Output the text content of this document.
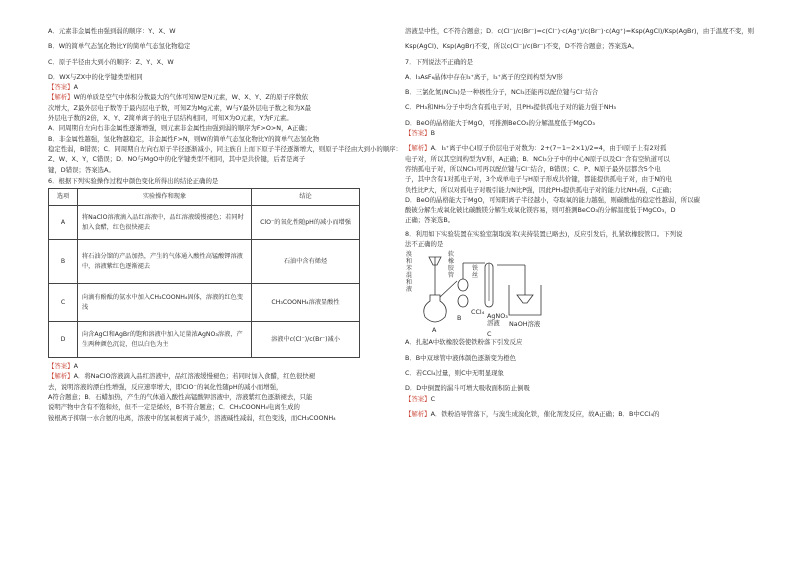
A．元素非金属性由强到弱的顺序：Y、X、W
B．W的简单气态氢化物比Y的简单气态氢化物稳定
C．原子半径由大到小的顺序：Z、Y、X、W
D．WX与ZX中的化学键类型相同
【答案】A
【解析】W的单质是空气中体积分数最大的气体可知W是N元素，W、X、Y、Z的原子序数依
次增大，Z最外层电子数等于最内层电子数，可知Z为Mg元素，W与Y最外层电子数之和为X最
外层电子数的2倍，X、Y、Z简单离子的电子层结构相同，可知X为O元素，Y为F元素。
A．同周期自左向右非金属性逐渐增强，则元素非金属性由强到弱的顺序为F>O>N，A正确；
B．非金属性越强，氢化物越稳定，非金属性F>N，则W的简单气态氢化物比Y的简单气态氢化物
稳定性弱，B错误；C．同周期自左向右原子半径逐渐减小，同主族自上而下原子半径逐渐增大，则原子半径由大到小的顺序：
Z、W、X、Y，C错误；D．NO与MgO中的化学键类型不相同，其中是共价键，后者是离子
键，D错误；答案选A。
6．根据下列实验操作过程中颜色变化所得出的结论正确的是
选项	实验操作和现象	结论
A	将NaClO溶液滴入品红溶液中，品红溶液缓慢褪色；若同时加入食醋，红色很快褪去	ClO⁻的氧化性随pH的减小而增强
B	将石油分馏的产品加热，产生的气体通入酸性高锰酸钾溶液中，溶液紫红色逐渐褪去	石油中含有烯烃
C	向滴有酚酞的氨水中加入CH₃COONH₄固体，溶液的红色变浅	CH₃COONH₄溶液显酸性
D	向含AgCl和AgBr的饱和溶液中加入足量浓AgNO₃溶液，产生两种颜色沉淀，但以白色为主	溶液中c(Cl⁻)/c(Br⁻)减小
【答案】A
【解析】A．将NaClO溶液滴入品红溶液中，品红溶液缓慢褪色；若同时加入食醋，红色很快褪
去，说明溶液的漂白性增强，反应速率增大，即ClO⁻的氧化性随pH的减小而增强，
A符合题意；B．石蜡加热，产生的气体通入酸性高锰酸钾溶液中，溶液紫红色逐渐褪去，只能
说明产物中含有不饱和烃，但不一定是烯烃，B不符合题意；C．CH₃COONH₄电离生成的
铵根离子抑制一水合氨的电离，溶液中的氢氧根离子减少，溶液碱性减弱，红色变浅，而CH₃COONH₄
溶液呈中性，C不符合题意；D．c(Cl⁻)/c(Br⁻)=c(Cl⁻)·c(Ag⁺)/c(Br⁻)·c(Ag⁺)=Ksp(AgCl)/Ksp(AgBr)，由于温度不变，则
Ksp(AgCl)、Ksp(AgBr)不变，所以c(Cl⁻)/c(Br⁻)不变，D不符合题意；答案选A。
7．下列说法不正确的是
A．I₃AsF₆晶体中存在I₃⁺离子，I₃⁺离子的空间构型为V形
B．三氯化氮(NCl₃)是一种极性分子，NCl₃还能再以配位键与Cl⁻结合
C．PH₃和NH₃分子中均含有孤电子对，且PH₃提供孤电子对的能力强于NH₃
D．BeO的晶格能大于MgO，可推测BeCO₃的分解温度低于MgCO₃
【答案】B
【解析】A．I₃⁺离子中心I原子价层电子对数为：2+(7−1−2×1)/2=4，由于I原子上有2对孤
电子对，所以其空间构型为V形，A正确；B．NCl₃分子中的中心N原子以及Cl⁻含有空轨道可以
容纳孤电子对，所以NCl₃可再以配位键与Cl⁻结合，B错误；C．P、N原子最外层都含5个电
子，其中含有1对孤电子对，3个成单电子与H原子形成共价键，都能提供孤电子对，由于N的电
负性比P大，所以对孤电子对吸引能力N比P强，因此PH₃提供孤电子对的能力比NH₃强，C正确；
D．BeO的晶格能大于MgO，可知阳离子半径越小，夺取氧的能力越强，则碳酸盐的稳定性越弱，所以碳
酸铍分解生成氧化铍比碳酸镁分解生成氧化镁容易，则可推测BeCO₃的分解温度低于MgCO₃，D
正确；答案选B。
8．利用如下实验装置在实验室制取溴苯(夹持装置已略去)，反应引发后，扎紧软橡胶管口。下列说
法不正确的是
溴和苯混和液
软橡胶管
铁丝
A
B
CCl₄ AgNO₃溶液
C
NaOH溶液
A．扎起A中软橡胶袋使铁粉落下引发反应
B．B中双球管中液体颜色逐渐变为橙色
C．若CCl₄过量，则C中无明显现象
D．D中倒置的漏斗可增大吸收面积防止倒吸
【答案】C
【解析】A．铁粉沿导管落下，与溴生成溴化铁，催化剂发反应，故A正确；B．B中CCl₄的
